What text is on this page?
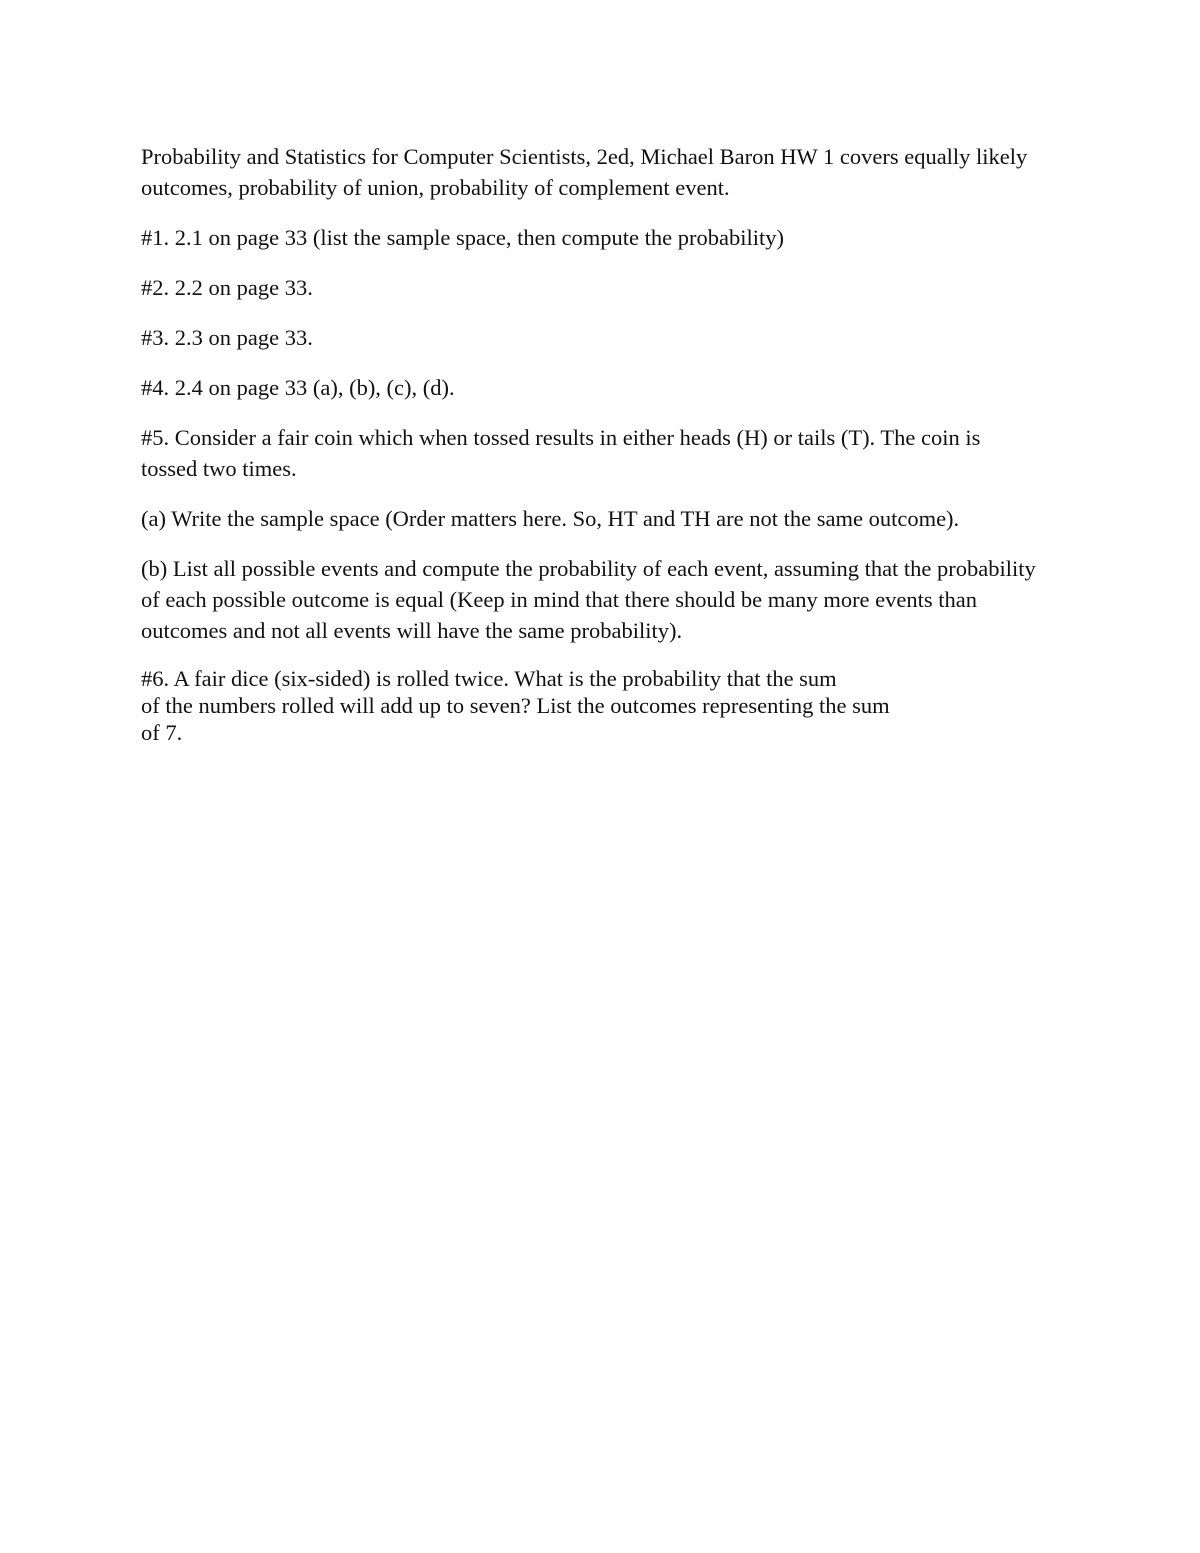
Probability and Statistics for Computer Scientists, 2ed, Michael Baron HW 1 covers equally likely outcomes, probability of union, probability of complement event.

#1. 2.1 on page 33 (list the sample space, then compute the probability)

#2. 2.2 on page 33.

#3. 2.3 on page 33.

#4. 2.4 on page 33 (a), (b), (c), (d).

#5. Consider a fair coin which when tossed results in either heads (H) or tails (T). The coin is tossed two times.

(a) Write the sample space (Order matters here. So, HT and TH are not the same outcome).

(b) List all possible events and compute the probability of each event, assuming that the probability of each possible outcome is equal (Keep in mind that there should be many more events than outcomes and not all events will have the same probability).

#6. A fair dice (six-sided) is rolled twice. What is the probability that the sum
of the numbers rolled will add up to seven? List the outcomes representing the sum
of 7.
